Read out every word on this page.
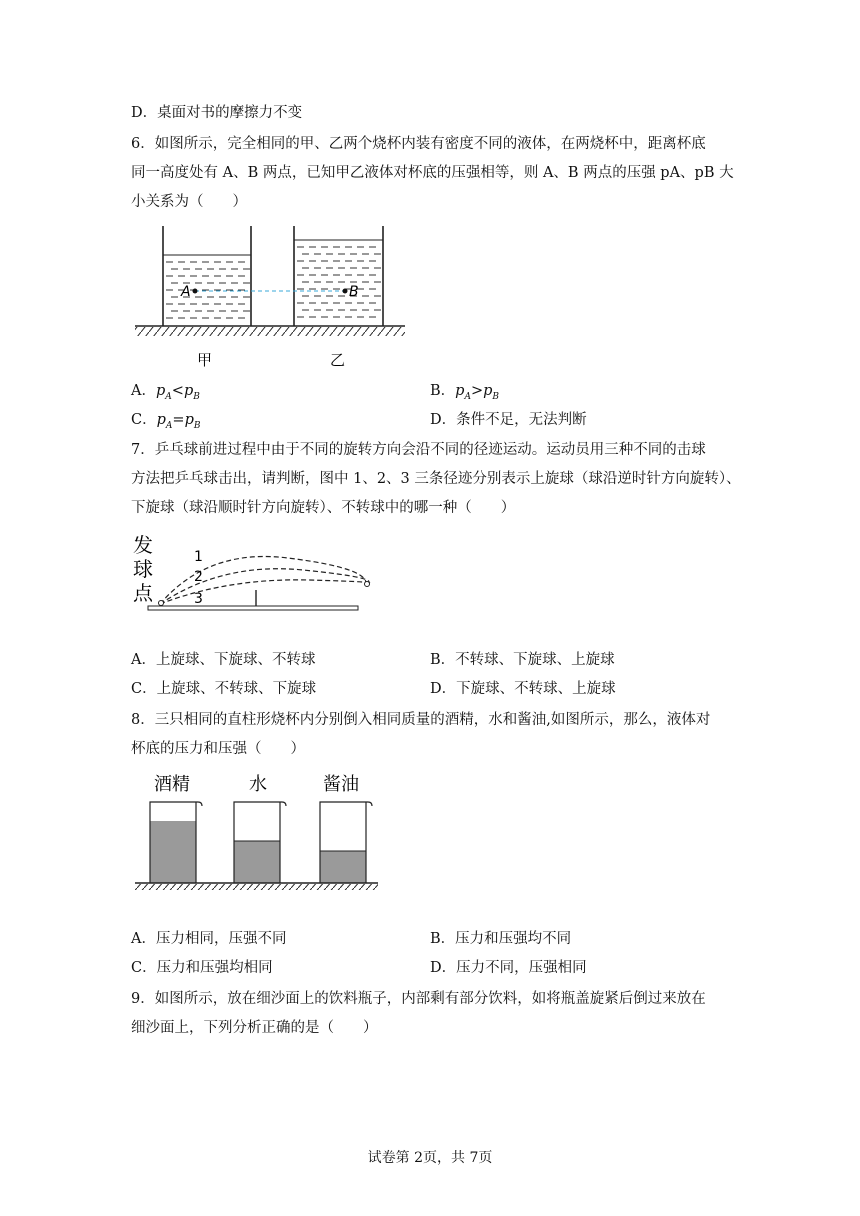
D．桌面对书的摩擦力不变
6．如图所示，完全相同的甲、乙两个烧杯内装有密度不同的液体，在两烧杯中，距离杯底
同一高度处有 A、B 两点，已知甲乙液体对杯底的压强相等，则 A、B 两点的压强 pA、pB 大
小关系为（　　）
A	B
甲	乙
A．$p_A<p_B$	B．$p_A>p_B$
C．$p_A=p_B$	D．条件不足，无法判断
7．乒乓球前进过程中由于不同的旋转方向会沿不同的径迹运动。运动员用三种不同的击球
方法把乒乓球击出，请判断，图中 1、2、3 三条径迹分别表示上旋球（球沿逆时针方向旋转）、
下旋球（球沿顺时针方向旋转）、不转球中的哪一种（　　）
发
球
点
1
2
3
A．上旋球、下旋球、不转球	B．不转球、下旋球、上旋球
C．上旋球、不转球、下旋球	D．下旋球、不转球、上旋球
8．三只相同的直柱形烧杯内分别倒入相同质量的酒精，水和酱油,如图所示，那么，液体对
杯底的压力和压强（　　）
酒精	水	酱油
A．压力相同，压强不同	B．压力和压强均不同
C．压力和压强均相同	D．压力不同，压强相同
9．如图所示，放在细沙面上的饮料瓶子，内部剩有部分饮料，如将瓶盖旋紧后倒过来放在
细沙面上，下列分析正确的是（　　）
试卷第 2页，共 7页
